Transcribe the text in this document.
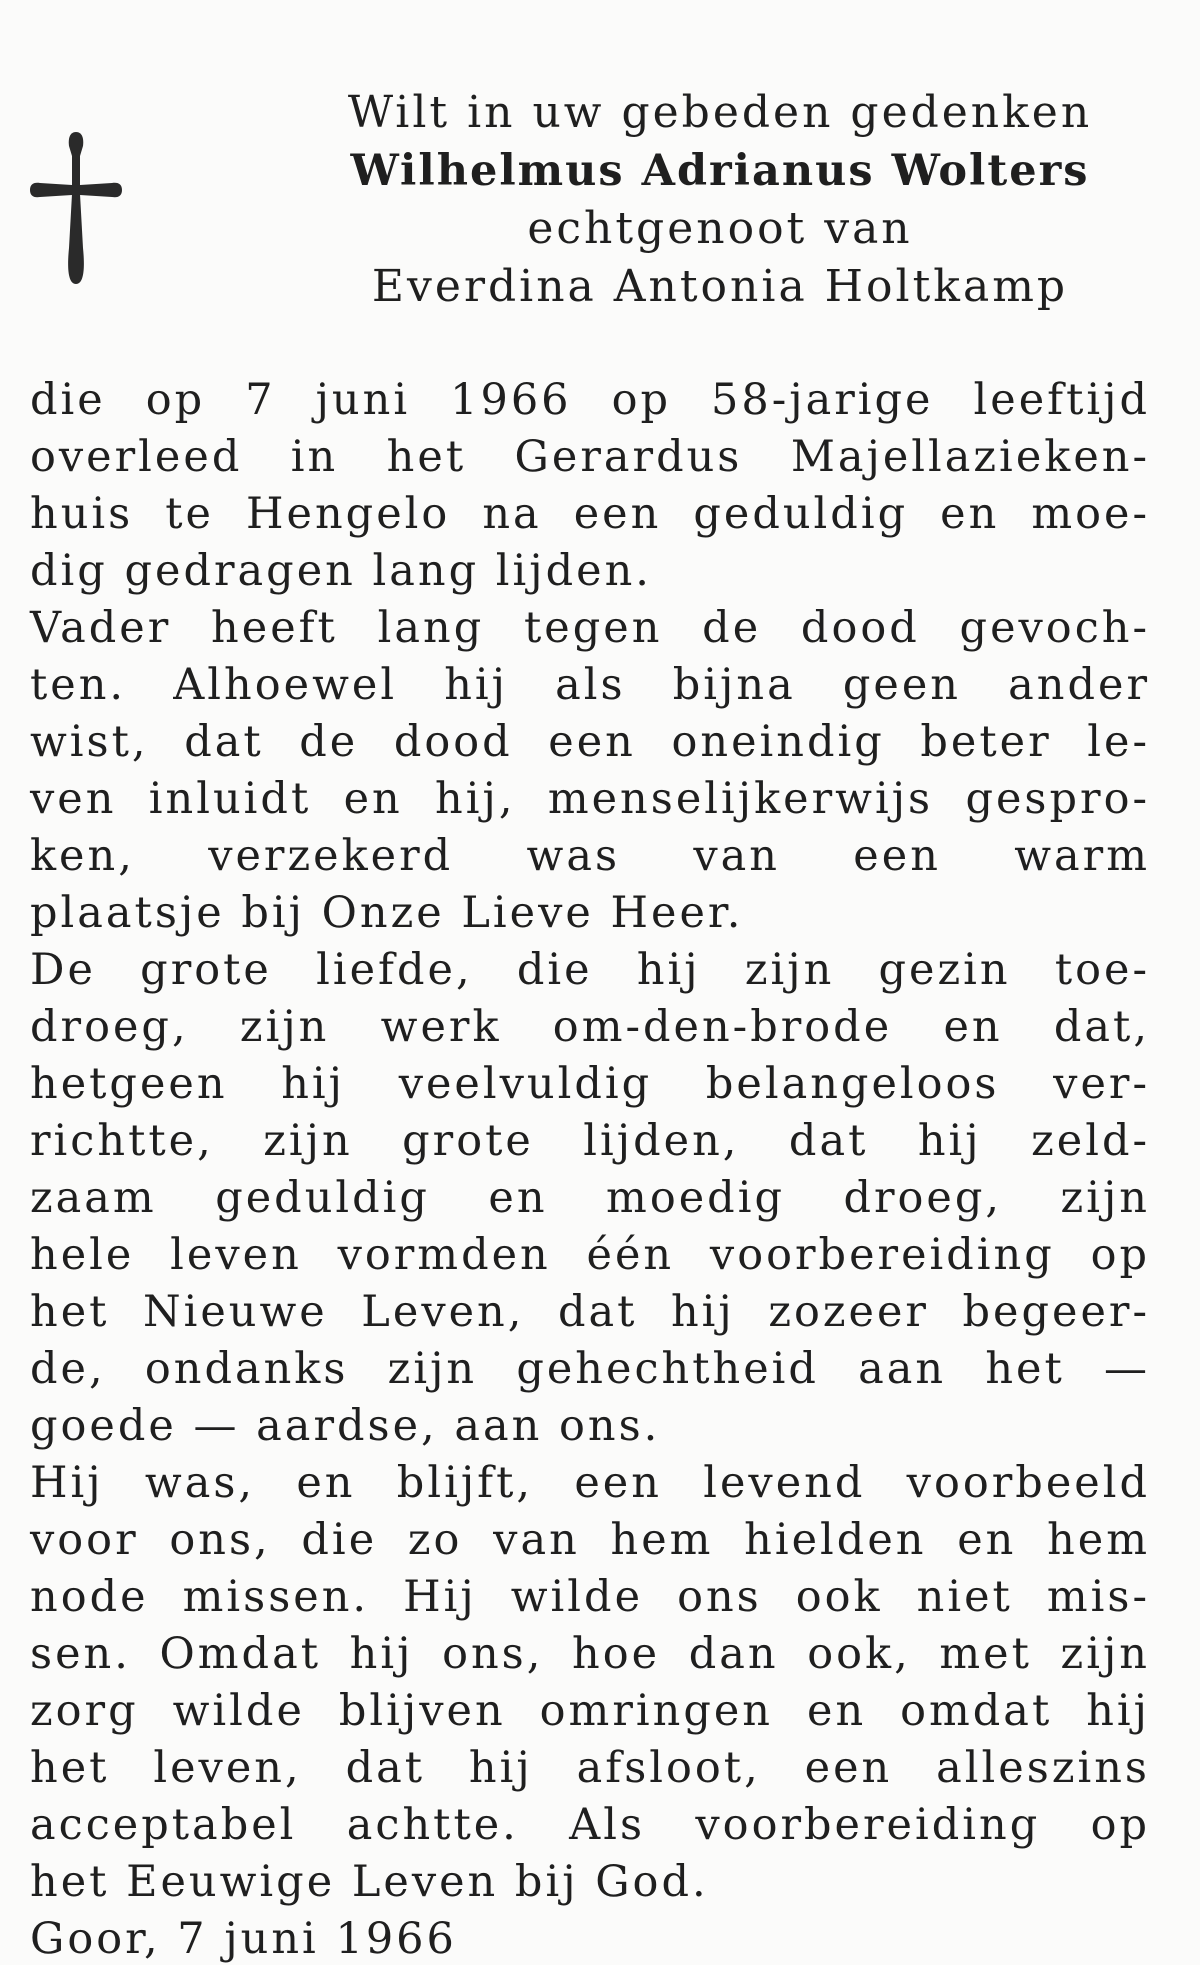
Wilt in uw gebeden gedenken
Wilhelmus Adrianus Wolters
echtgenoot van
Everdina Antonia Holtkamp
die op 7 juni 1966 op 58-jarige leeftijd
overleed in het Gerardus Majellazieken-
huis te Hengelo na een geduldig en moe-
dig gedragen lang lijden.
Vader heeft lang tegen de dood gevoch-
ten. Alhoewel hij als bijna geen ander
wist, dat de dood een oneindig beter le-
ven inluidt en hij, menselijkerwijs gespro-
ken, verzekerd was van een warm
plaatsje bij Onze Lieve Heer.
De grote liefde, die hij zijn gezin toe-
droeg, zijn werk om-den-brode en dat,
hetgeen hij veelvuldig belangeloos ver-
richtte, zijn grote lijden, dat hij zeld-
zaam geduldig en moedig droeg, zijn
hele leven vormden één voorbereiding op
het Nieuwe Leven, dat hij zozeer begeer-
de, ondanks zijn gehechtheid aan het —
goede — aardse, aan ons.
Hij was, en blijft, een levend voorbeeld
voor ons, die zo van hem hielden en hem
node missen. Hij wilde ons ook niet mis-
sen. Omdat hij ons, hoe dan ook, met zijn
zorg wilde blijven omringen en omdat hij
het leven, dat hij afsloot, een alleszins
acceptabel achtte. Als voorbereiding op
het Eeuwige Leven bij God.
Goor, 7 juni 1966
